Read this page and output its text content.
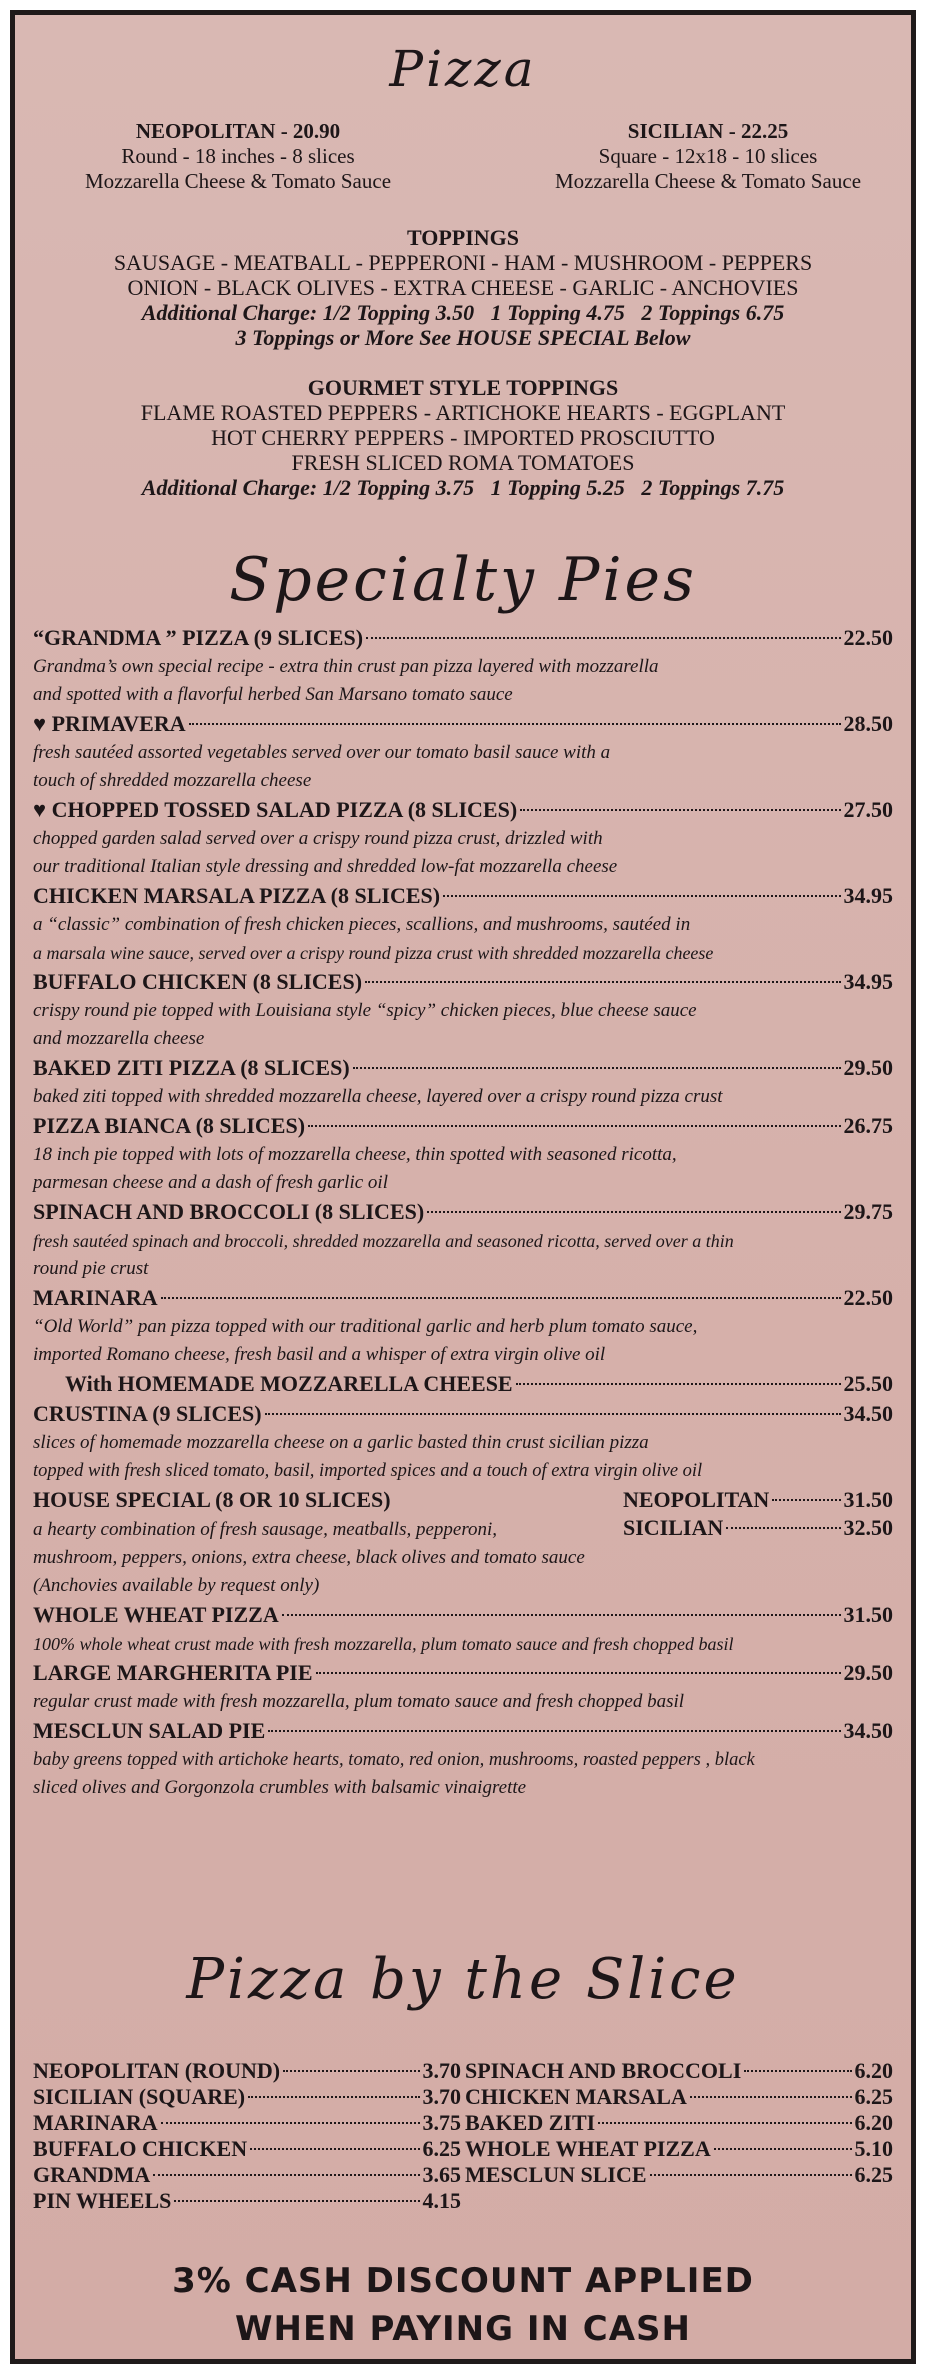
Pizza
NEOPOLITAN - 20.90
Round - 18 inches - 8 slices
Mozzarella Cheese & Tomato Sauce
SICILIAN - 22.25
Square - 12x18 - 10 slices
Mozzarella Cheese & Tomato Sauce
TOPPINGS
SAUSAGE - MEATBALL - PEPPERONI - HAM - MUSHROOM - PEPPERS
ONION - BLACK OLIVES - EXTRA CHEESE - GARLIC - ANCHOVIES
Additional Charge: 1/2 Topping 3.50   1 Topping 4.75   2 Toppings 6.75
3 Toppings or More See HOUSE SPECIAL Below
GOURMET STYLE TOPPINGS
FLAME ROASTED PEPPERS - ARTICHOKE HEARTS - EGGPLANT
HOT CHERRY PEPPERS - IMPORTED PROSCIUTTO
FRESH SLICED ROMA TOMATOES
Additional Charge: 1/2 Topping 3.75   1 Topping 5.25   2 Toppings 7.75
Specialty Pies
“GRANDMA ” PIZZA (9 SLICES)	22.50
Grandma’s own special recipe - extra thin crust pan pizza layered with mozzarella
and spotted with a flavorful herbed San Marsano tomato sauce
♥ PRIMAVERA	28.50
fresh sautéed assorted vegetables served over our tomato basil sauce with a
touch of shredded mozzarella cheese
♥ CHOPPED TOSSED SALAD PIZZA (8 SLICES)	27.50
chopped garden salad served over a crispy round pizza crust, drizzled with
our traditional Italian style dressing and shredded low-fat mozzarella cheese
CHICKEN MARSALA PIZZA (8 SLICES)	34.95
a “classic” combination of fresh chicken pieces, scallions, and mushrooms, sautéed in
a marsala wine sauce, served over a crispy round pizza crust with shredded mozzarella cheese
BUFFALO CHICKEN (8 SLICES)	34.95
crispy round pie topped with Louisiana style “spicy” chicken pieces, blue cheese sauce
and mozzarella cheese
BAKED ZITI PIZZA (8 SLICES)	29.50
baked ziti topped with shredded mozzarella cheese, layered over a crispy round pizza crust
PIZZA BIANCA (8 SLICES)	26.75
18 inch pie topped with lots of mozzarella cheese, thin spotted with seasoned ricotta,
parmesan cheese and a dash of fresh garlic oil
SPINACH AND BROCCOLI (8 SLICES)	29.75
fresh sautéed spinach and broccoli, shredded mozzarella and seasoned ricotta, served over a thin
round pie crust
MARINARA	22.50
“Old World” pan pizza topped with our traditional garlic and herb plum tomato sauce,
imported Romano cheese, fresh basil and a whisper of extra virgin olive oil
With HOMEMADE MOZZARELLA CHEESE	25.50
CRUSTINA (9 SLICES)	34.50
slices of homemade mozzarella cheese on a garlic basted thin crust sicilian pizza
topped with fresh sliced tomato, basil, imported spices and a touch of extra virgin olive oil
HOUSE SPECIAL (8 OR 10 SLICES)	NEOPOLITAN	31.50
a hearty combination of fresh sausage, meatballs, pepperoni,	SICILIAN	32.50
mushroom, peppers, onions, extra cheese, black olives and tomato sauce
(Anchovies available by request only)
WHOLE WHEAT PIZZA	31.50
100% whole wheat crust made with fresh mozzarella, plum tomato sauce and fresh chopped basil
LARGE MARGHERITA PIE	29.50
regular crust made with fresh mozzarella, plum tomato sauce and fresh chopped basil
MESCLUN SALAD PIE	34.50
baby greens topped with artichoke hearts, tomato, red onion, mushrooms, roasted peppers , black
sliced olives and Gorgonzola crumbles with balsamic vinaigrette
Pizza by the Slice
NEOPOLITAN (ROUND)	3.70
SICILIAN (SQUARE)	3.70
MARINARA	3.75
BUFFALO CHICKEN	6.25
GRANDMA	3.65
PIN WHEELS	4.15
SPINACH AND BROCCOLI	6.20
CHICKEN MARSALA	6.25
BAKED ZITI	6.20
WHOLE WHEAT PIZZA	5.10
MESCLUN SLICE	6.25
3% CASH DISCOUNT APPLIED
WHEN PAYING IN CASH
